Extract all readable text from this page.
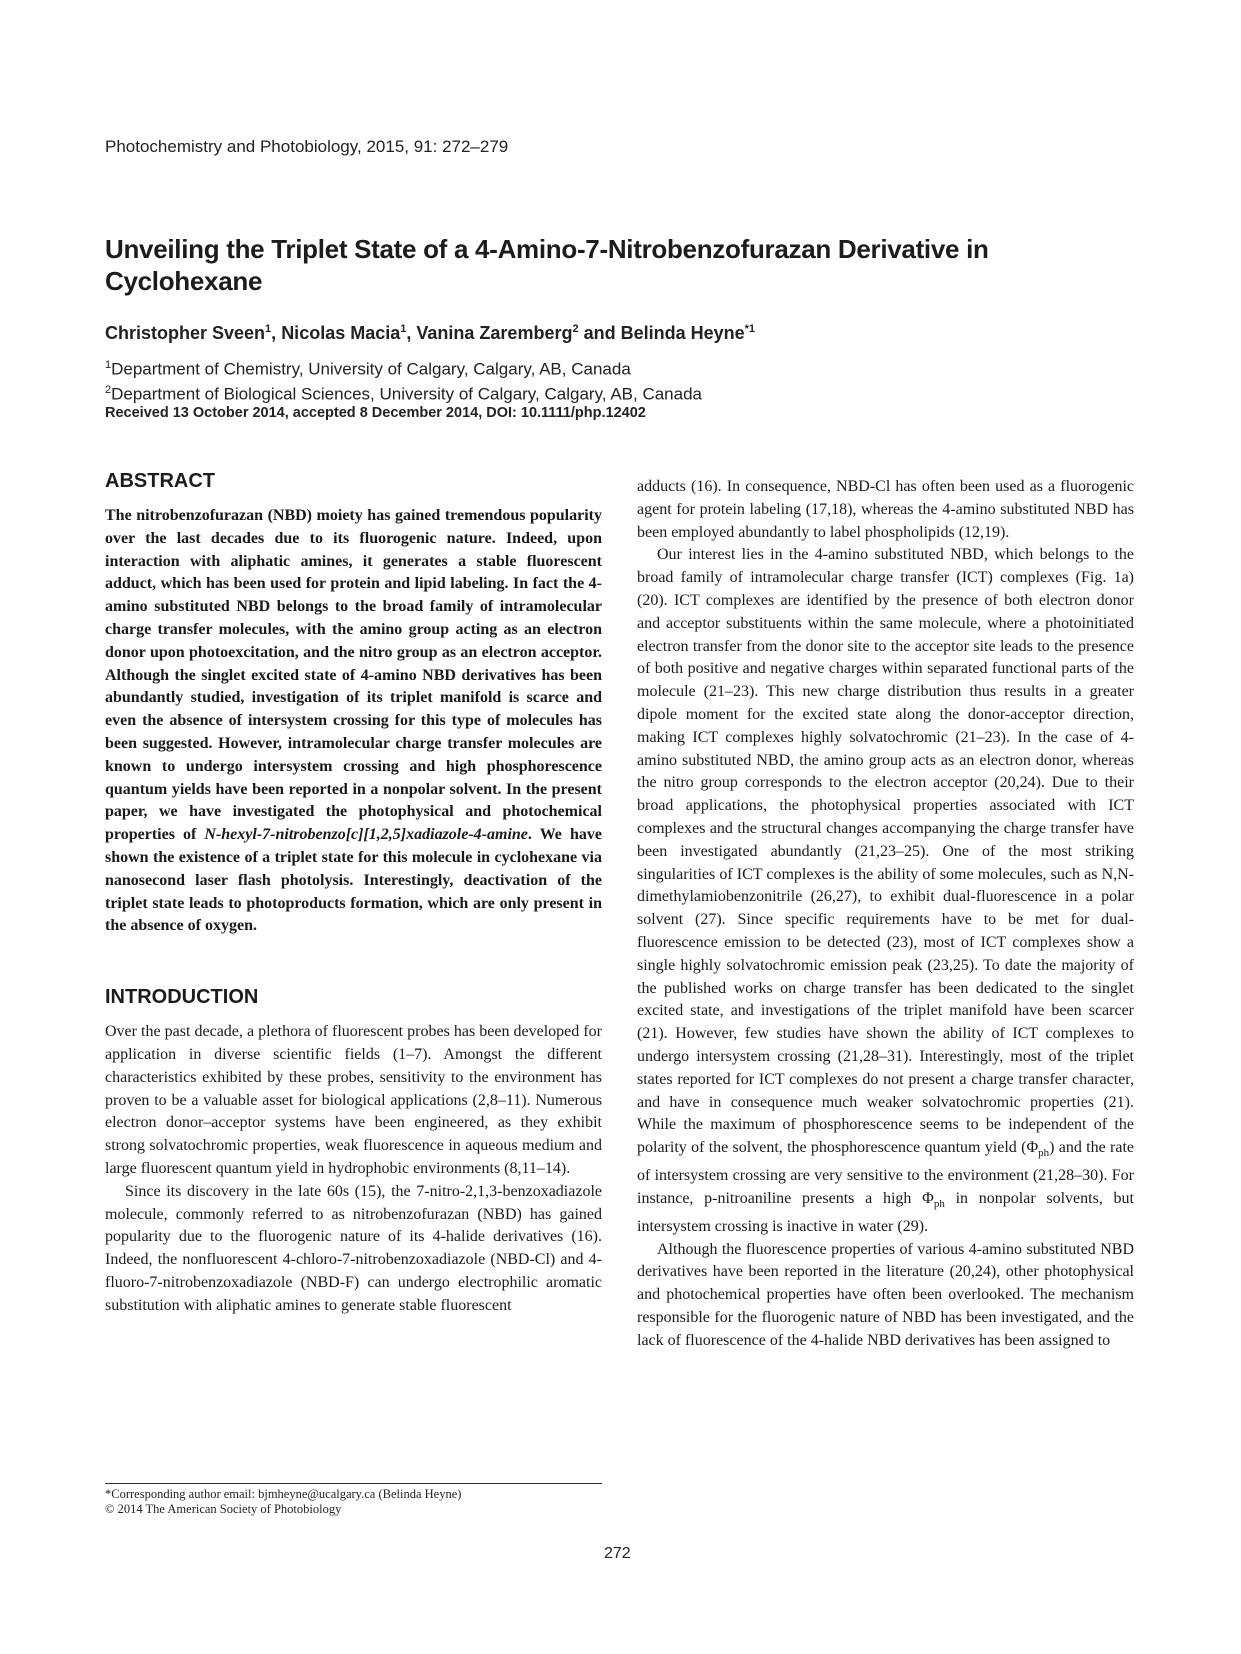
Photochemistry and Photobiology, 2015, 91: 272–279
Unveiling the Triplet State of a 4-Amino-7-Nitrobenzofurazan Derivative in Cyclohexane
Christopher Sveen$^1$, Nicolas Macia$^1$, Vanina Zaremberg$^2$ and Belinda Heyne$^{*1}$
$^1$Department of Chemistry, University of Calgary, Calgary, AB, Canada
$^2$Department of Biological Sciences, University of Calgary, Calgary, AB, Canada
Received 13 October 2014, accepted 8 December 2014, DOI: 10.1111/php.12402
ABSTRACT

The nitrobenzofurazan (NBD) moiety has gained tremendous popularity over the last decades due to its fluorogenic nature. Indeed, upon interaction with aliphatic amines, it generates a stable fluorescent adduct, which has been used for protein and lipid labeling. In fact the 4-amino substituted NBD belongs to the broad family of intramolecular charge transfer molecules, with the amino group acting as an electron donor upon photoexcitation, and the nitro group as an electron acceptor. Although the singlet excited state of 4-amino NBD derivatives has been abundantly studied, investigation of its triplet manifold is scarce and even the absence of intersystem crossing for this type of molecules has been suggested. However, intramolecular charge transfer molecules are known to undergo intersystem crossing and high phosphorescence quantum yields have been reported in a nonpolar solvent. In the present paper, we have investigated the photophysical and photochemical properties of N-hexyl-7-nitrobenzo[c][1,2,5]xadiazole-4-amine. We have shown the existence of a triplet state for this molecule in cyclohexane via nanosecond laser flash photolysis. Interestingly, deactivation of the triplet state leads to photoproducts formation, which are only present in the absence of oxygen.

INTRODUCTION

Over the past decade, a plethora of fluorescent probes has been developed for application in diverse scientific fields (1–7). Amongst the different characteristics exhibited by these probes, sensitivity to the environment has proven to be a valuable asset for biological applications (2,8–11). Numerous electron donor–acceptor systems have been engineered, as they exhibit strong solvatochromic properties, weak fluorescence in aqueous medium and large fluorescent quantum yield in hydrophobic environments (8,11–14).

Since its discovery in the late 60s (15), the 7-nitro-2,1,3-benzoxadiazole molecule, commonly referred to as nitrobenzofurazan (NBD) has gained popularity due to the fluorogenic nature of its 4-halide derivatives (16). Indeed, the nonfluorescent 4-chloro-7-nitrobenzoxadiazole (NBD-Cl) and 4-fluoro-7-nitrobenzoxadiazole (NBD-F) can undergo electrophilic aromatic substitution with aliphatic amines to generate stable fluorescent

adducts (16). In consequence, NBD-Cl has often been used as a fluorogenic agent for protein labeling (17,18), whereas the 4-amino substituted NBD has been employed abundantly to label phospholipids (12,19).

Our interest lies in the 4-amino substituted NBD, which belongs to the broad family of intramolecular charge transfer (ICT) complexes (Fig. 1a) (20). ICT complexes are identified by the presence of both electron donor and acceptor substituents within the same molecule, where a photoinitiated electron transfer from the donor site to the acceptor site leads to the presence of both positive and negative charges within separated functional parts of the molecule (21–23). This new charge distribution thus results in a greater dipole moment for the excited state along the donor-acceptor direction, making ICT complexes highly solvatochromic (21–23). In the case of 4-amino substituted NBD, the amino group acts as an electron donor, whereas the nitro group corresponds to the electron acceptor (20,24). Due to their broad applications, the photophysical properties associated with ICT complexes and the structural changes accompanying the charge transfer have been investigated abundantly (21,23–25). One of the most striking singularities of ICT complexes is the ability of some molecules, such as N,N-dimethylamiobenzonitrile (26,27), to exhibit dual-fluorescence in a polar solvent (27). Since specific requirements have to be met for dual-fluorescence emission to be detected (23), most of ICT complexes show a single highly solvatochromic emission peak (23,25). To date the majority of the published works on charge transfer has been dedicated to the singlet excited state, and investigations of the triplet manifold have been scarcer (21). However, few studies have shown the ability of ICT complexes to undergo intersystem crossing (21,28–31). Interestingly, most of the triplet states reported for ICT complexes do not present a charge transfer character, and have in consequence much weaker solvatochromic properties (21). While the maximum of phosphorescence seems to be independent of the polarity of the solvent, the phosphorescence quantum yield $(\Phi_{ph})$ and the rate of intersystem crossing are very sensitive to the environment (21,28–30). For instance, p-nitroaniline presents a high $\Phi_{ph}$ in nonpolar solvents, but intersystem crossing is inactive in water (29).

Although the fluorescence properties of various 4-amino substituted NBD derivatives have been reported in the literature (20,24), other photophysical and photochemical properties have often been overlooked. The mechanism responsible for the fluorogenic nature of NBD has been investigated, and the lack of fluorescence of the 4-halide NBD derivatives has been assigned to

*Corresponding author email: bjmheyne@ucalgary.ca (Belinda Heyne)
© 2014 The American Society of Photobiology
272
